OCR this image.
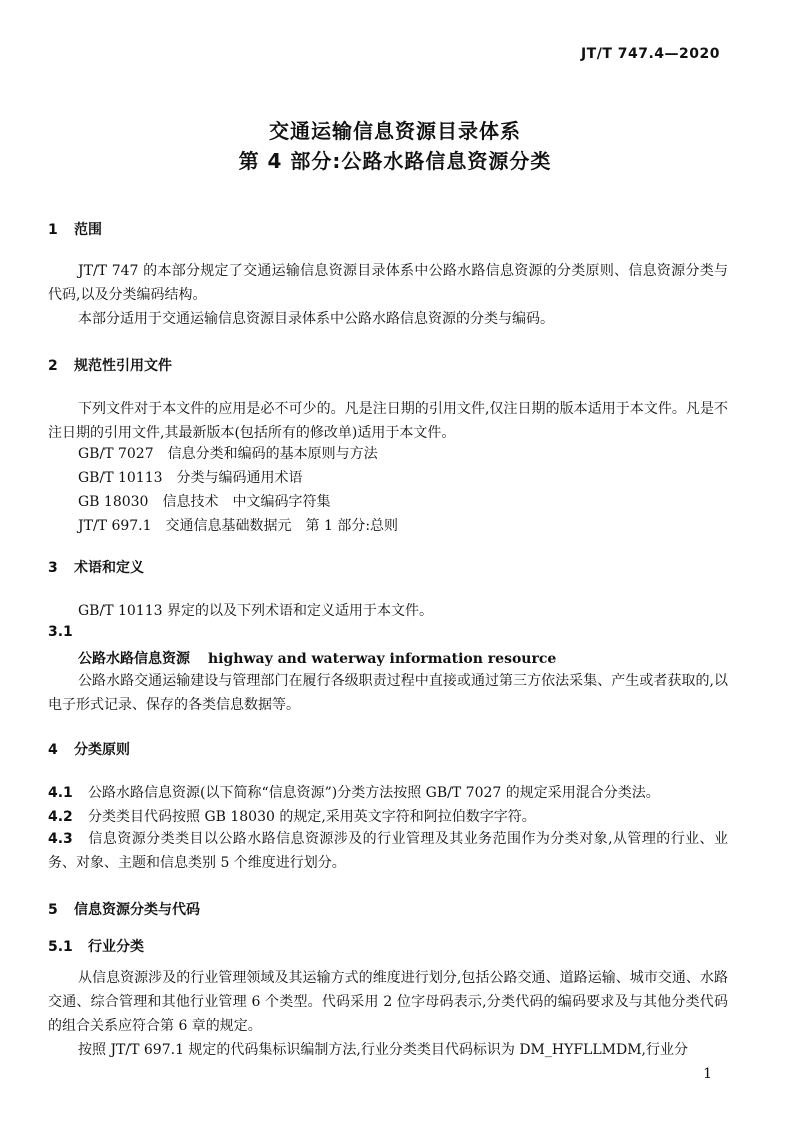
JT/T 747.4—2020
交通运输信息资源目录体系
第 4 部分:公路水路信息资源分类
1 范围
JT/T 747 的本部分规定了交通运输信息资源目录体系中公路水路信息资源的分类原则、信息资源分类与代码,以及分类编码结构。
本部分适用于交通运输信息资源目录体系中公路水路信息资源的分类与编码。
2 规范性引用文件
下列文件对于本文件的应用是必不可少的。凡是注日期的引用文件,仅注日期的版本适用于本文件。凡是不注日期的引用文件,其最新版本(包括所有的修改单)适用于本文件。
GB/T 7027　信息分类和编码的基本原则与方法
GB/T 10113　分类与编码通用术语
GB 18030　信息技术　中文编码字符集
JT/T 697.1　交通信息基础数据元　第 1 部分:总则
3 术语和定义
GB/T 10113 界定的以及下列术语和定义适用于本文件。
3.1
公路水路信息资源 highway and waterway information resource
公路水路交通运输建设与管理部门在履行各级职责过程中直接或通过第三方依法采集、产生或者获取的,以电子形式记录、保存的各类信息数据等。
4 分类原则
4.1 公路水路信息资源(以下简称“信息资源”)分类方法按照 GB/T 7027 的规定采用混合分类法。
4.2 分类类目代码按照 GB 18030 的规定,采用英文字符和阿拉伯数字字符。
4.3 信息资源分类类目以公路水路信息资源涉及的行业管理及其业务范围作为分类对象,从管理的行业、业务、对象、主题和信息类别 5 个维度进行划分。
5 信息资源分类与代码
5.1 行业分类
从信息资源涉及的行业管理领域及其运输方式的维度进行划分,包括公路交通、道路运输、城市交通、水路交通、综合管理和其他行业管理 6 个类型。代码采用 2 位字母码表示,分类代码的编码要求及与其他分类代码的组合关系应符合第 6 章的规定。
按照 JT/T 697.1 规定的代码集标识编制方法,行业分类类目代码标识为 DM_HYFLLMDM,行业分
1
